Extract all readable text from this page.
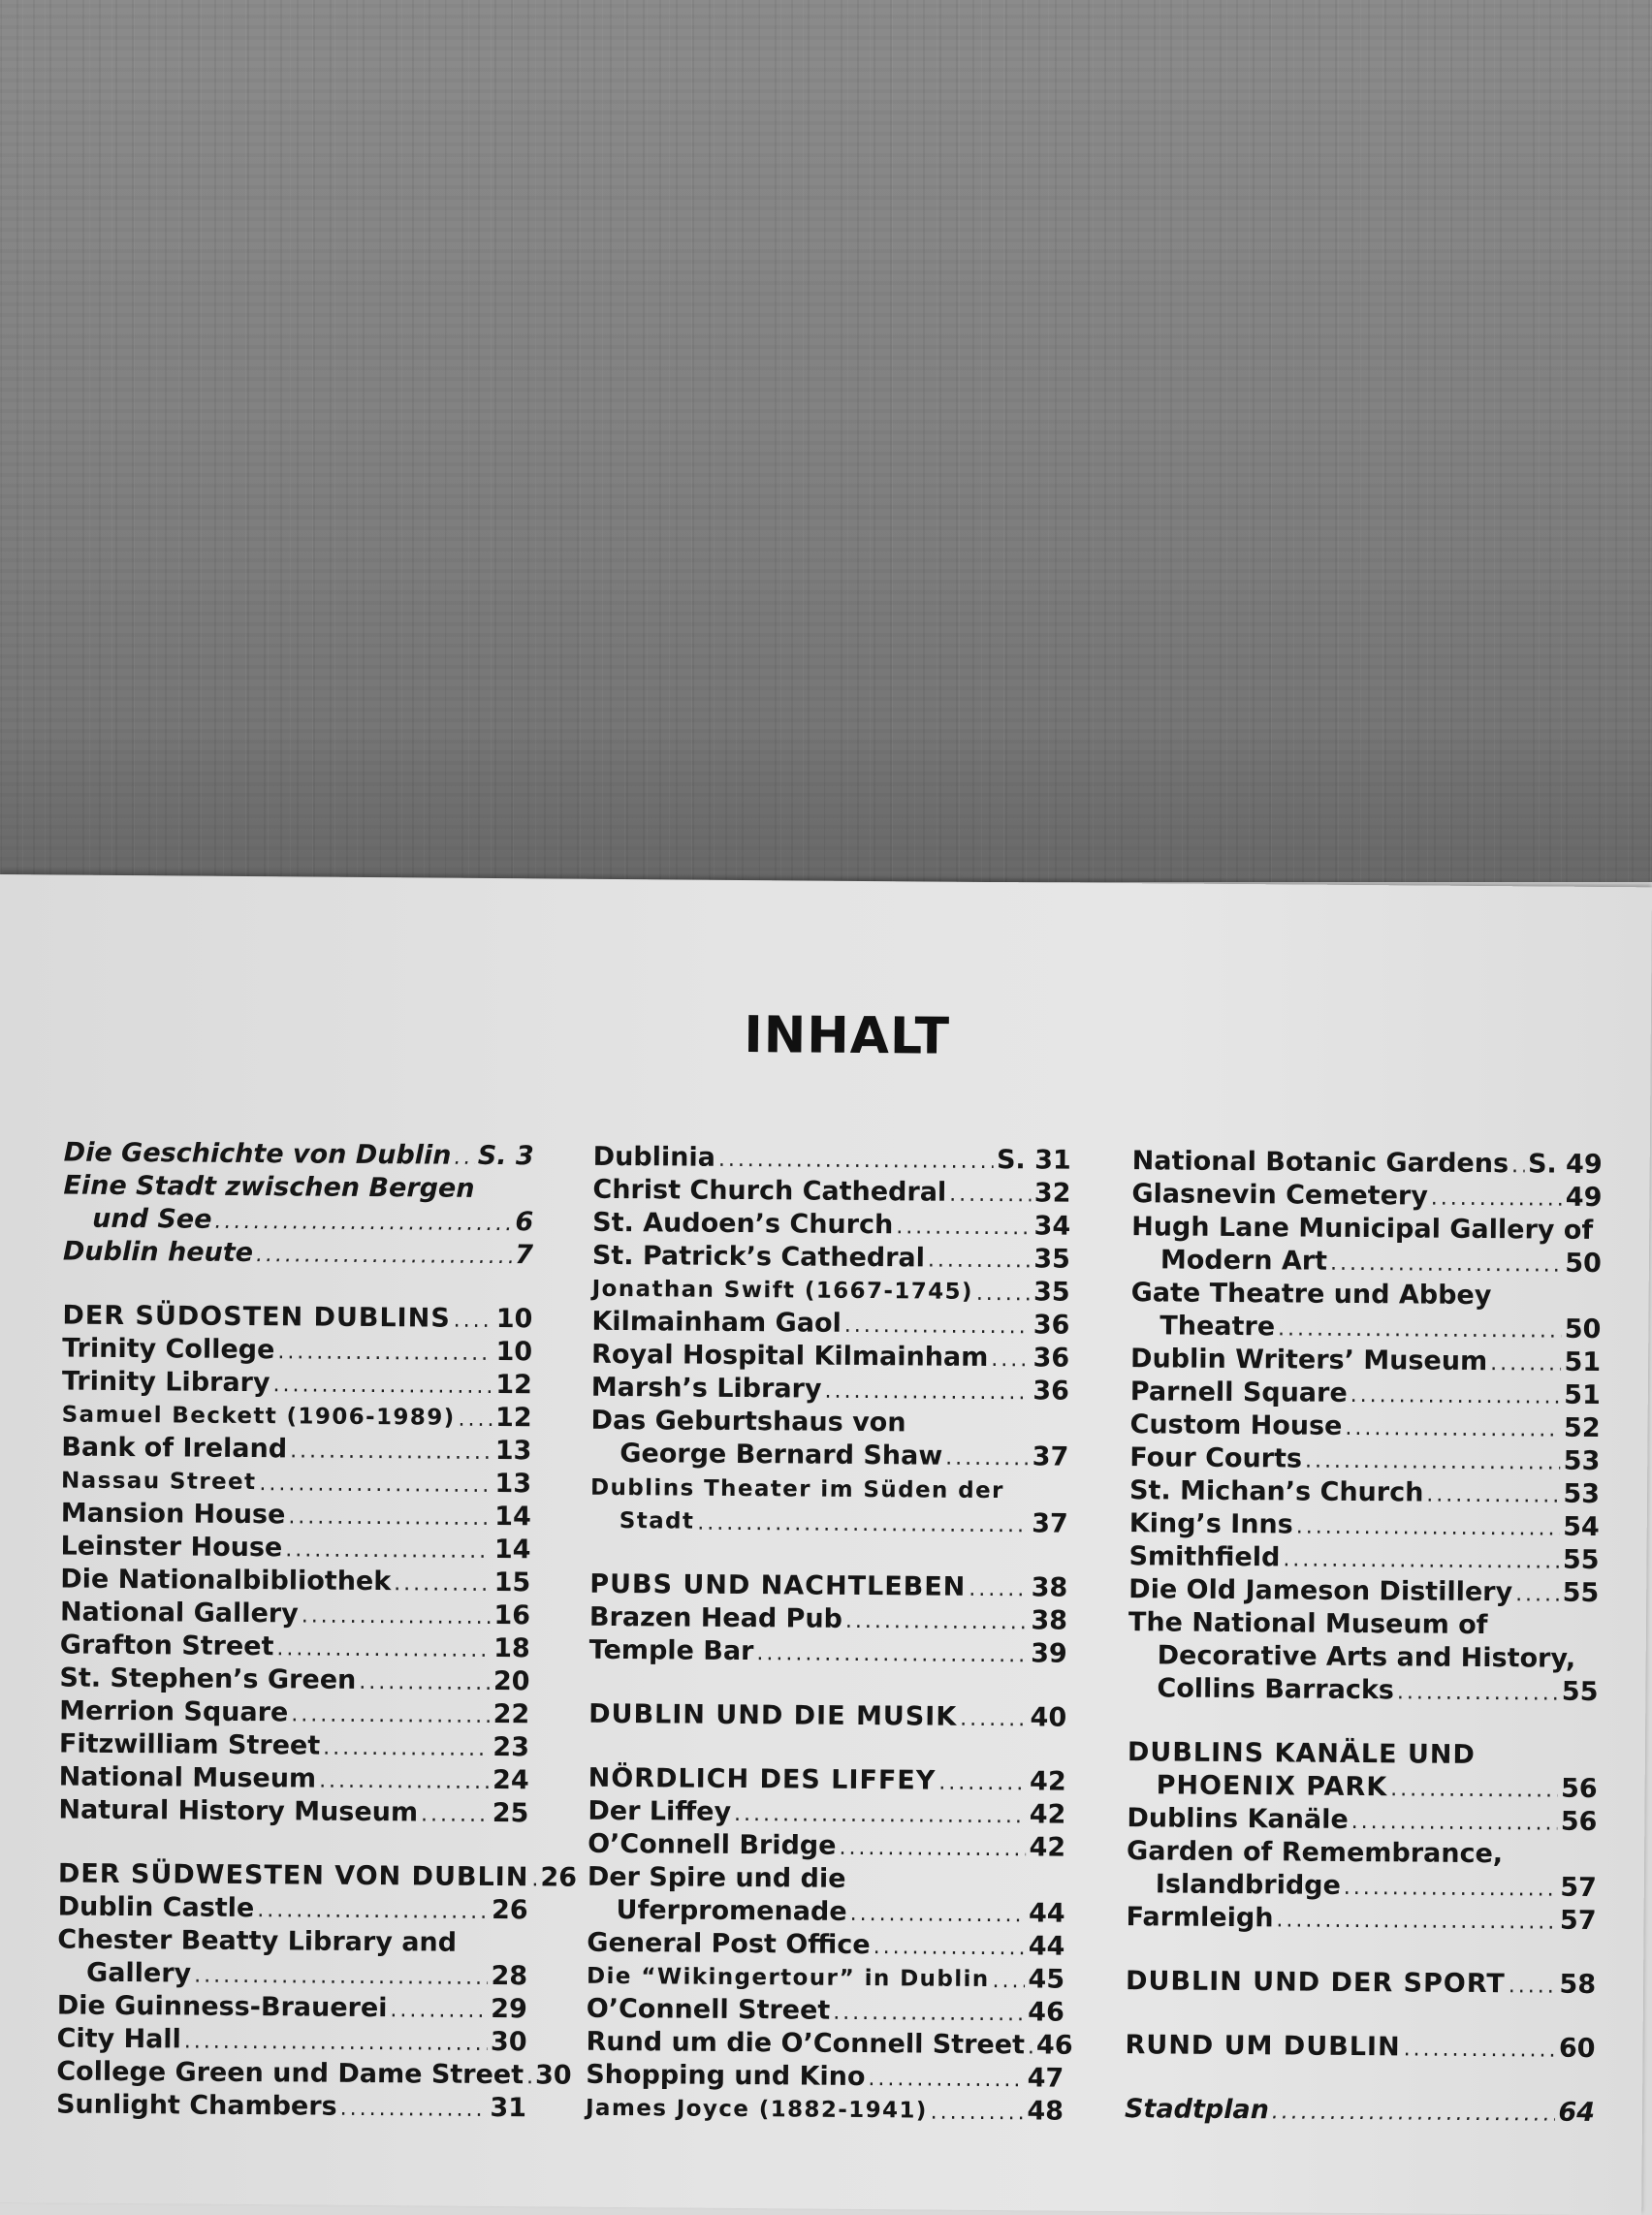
INHALT
Die Geschichte von Dublin ..... S. 3
Eine Stadt zwischen Bergen
und See .....	6
Dublin heute .....	7
DER SÜDOSTEN DUBLINS ..... 10
Trinity College .....	10
Trinity Library .....	12
Samuel Beckett (1906-1989) ..... 12
Bank of Ireland .....	13
Nassau Street .....	13
Mansion House .....	14
Leinster House .....	14
Die Nationalbibliothek .....	15
National Gallery .....	16
Grafton Street .....	18
St. Stephen’s Green .....	20
Merrion Square .....	22
Fitzwilliam Street .....	23
National Museum .....	24
Natural History Museum .....	25
DER SÜDWESTEN VON DUBLIN ..... 26
Dublin Castle .....	26
Chester Beatty Library and
Gallery .....	28
Die Guinness-Brauerei .....	29
City Hall .....	30
College Green und Dame Street ..... 30
Sunlight Chambers .....	31
Dublinia .....	S. 31
Christ Church Cathedral .....	32
St. Audoen’s Church .....	34
St. Patrick’s Cathedral .....	35
Jonathan Swift (1667-1745) ..... 35
Kilmainham Gaol .....	36
Royal Hospital Kilmainham ..... 36
Marsh’s Library .....	36
Das Geburtshaus von
George Bernard Shaw .....	37
Dublins Theater im Süden der
Stadt .....	37
PUBS UND NACHTLEBEN ..... 38
Brazen Head Pub .....	38
Temple Bar .....	39
DUBLIN UND DIE MUSIK .....	40
NÖRDLICH DES LIFFEY .....	42
Der Liffey .....	42
O’Connell Bridge .....	42
Der Spire und die
Uferpromenade .....	44
General Post Office .....	44
Die “Wikingertour” in Dublin ..... 45
O’Connell Street .....	46
Rund um die O’Connell Street ..... 46
Shopping und Kino .....	47
James Joyce (1882-1941) .....	48
National Botanic Gardens ..... S. 49
Glasnevin Cemetery .....	49
Hugh Lane Municipal Gallery of
Modern Art .....	50
Gate Theatre und Abbey
Theatre .....	50
Dublin Writers’ Museum .....	51
Parnell Square .....	51
Custom House .....	52
Four Courts .....	53
St. Michan’s Church .....	53
King’s Inns .....	54
Smithfield .....	55
Die Old Jameson Distillery ..... 55
The National Museum of
Decorative Arts and History,
Collins Barracks .....	55
DUBLINS KANÄLE UND
PHOENIX PARK .....	56
Dublins Kanäle .....	56
Garden of Remembrance,
Islandbridge .....	57
Farmleigh .....	57
DUBLIN UND DER SPORT ..... 58
RUND UM DUBLIN .....	60
Stadtplan .....	64
